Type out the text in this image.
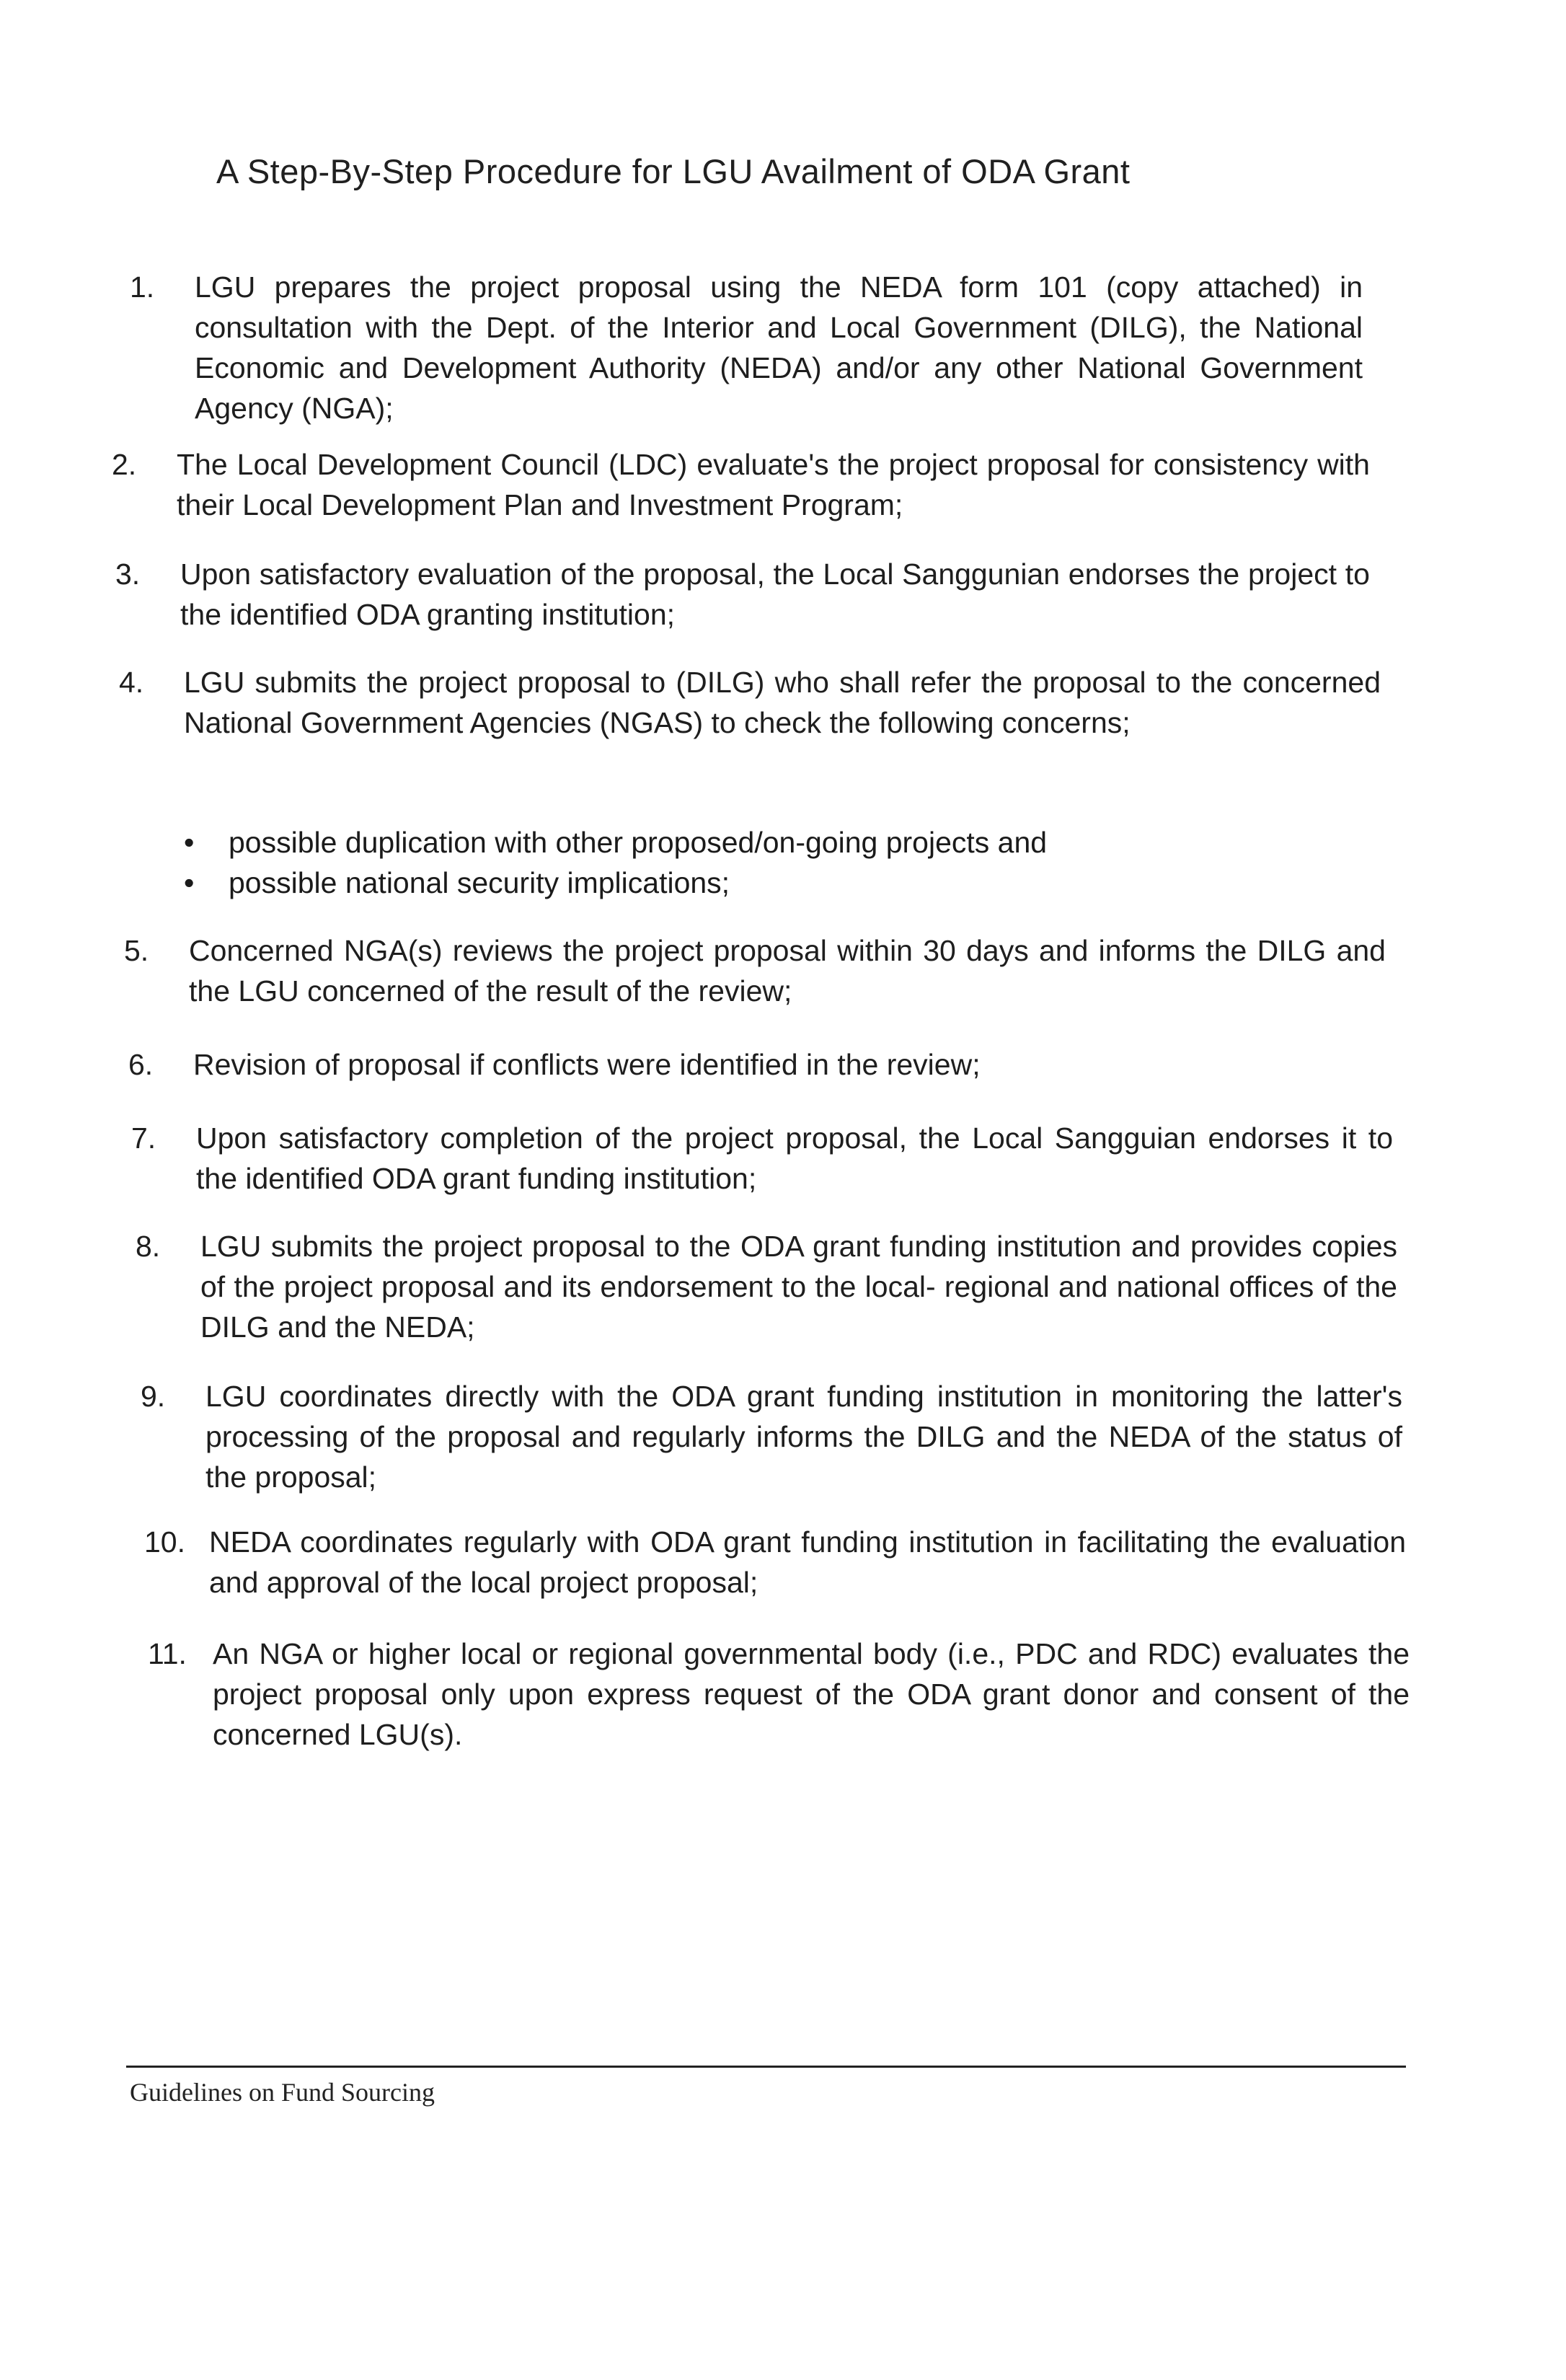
A Step-By-Step Procedure for LGU Availment of ODA Grant
1. LGU prepares the project proposal using the NEDA form 101 (copy attached) in consultation with the Dept. of the Interior and Local Government (DILG), the National Economic and Development Authority (NEDA) and/or any other National Government Agency (NGA);
2. The Local Development Council (LDC) evaluate's the project proposal for consistency with their Local Development Plan and Investment Program;
3. Upon satisfactory evaluation of the proposal, the Local Sanggunian endorses the project to the identified ODA granting institution;
4. LGU submits the project proposal to (DILG) who shall refer the proposal to the concerned National Government Agencies (NGAS) to check the following concerns;
• possible duplication with other proposed/on-going projects and
• possible national security implications;
5. Concerned NGA(s) reviews the project proposal within 30 days and informs the DILG and the LGU concerned of the result of the review;
6. Revision of proposal if conflicts were identified in the review;
7. Upon satisfactory completion of the project proposal, the Local Sangguian endorses it to the identified ODA grant funding institution;
8. LGU submits the project proposal to the ODA grant funding institution and provides copies of the project proposal and its endorsement to the local- regional and national offices of the DILG and the NEDA;
9. LGU coordinates directly with the ODA grant funding institution in monitoring the latter's processing of the proposal and regularly informs the DILG and the NEDA of the status of the proposal;
10. NEDA coordinates regularly with ODA grant funding institution in facilitating the evaluation and approval of the local project proposal;
11. An NGA or higher local or regional governmental body (i.e., PDC and RDC) evaluates the project proposal only upon express request of the ODA grant donor and consent of the concerned LGU(s).
Guidelines on Fund Sourcing
